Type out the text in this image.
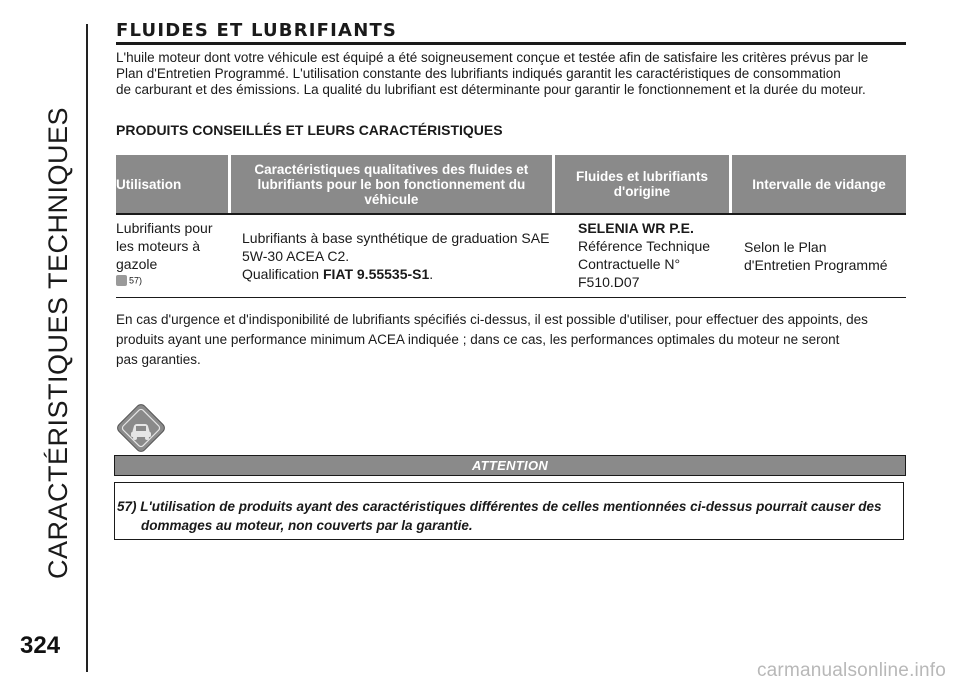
CARACTÉRISTIQUES TECHNIQUES
324
FLUIDES ET LUBRIFIANTS
L'huile moteur dont votre véhicule est équipé a été soigneusement conçue et testée afin de satisfaire les critères prévus par le
Plan d'Entretien Programmé. L'utilisation constante des lubrifiants indiqués garantit les caractéristiques de consommation
de carburant et des émissions. La qualité du lubrifiant est déterminante pour garantir le fonctionnement et la durée du moteur.
PRODUITS CONSEILLÉS ET LEURS CARACTÉRISTIQUES
Utilisation
Caractéristiques qualitatives des fluides et lubrifiants pour le bon fonctionnement du véhicule
Fluides et lubrifiants d'origine	Intervalle de vidange
Lubrifiants pour
les moteurs à
gazole
57)
Lubrifiants à base synthétique de graduation SAE
5W-30 ACEA C2.
Qualification FIAT 9.55535-S1.
SELENIA WR P.E.
Référence Technique
Contractuelle N°
F510.D07
Selon le Plan
d'Entretien Programmé
En cas d'urgence et d'indisponibilité de lubrifiants spécifiés ci-dessus, il est possible d'utiliser, pour effectuer des appoints, des
produits ayant une performance minimum ACEA indiquée ; dans ce cas, les performances optimales du moteur ne seront
pas garanties.
ATTENTION
57) L'utilisation de produits ayant des caractéristiques différentes de celles mentionnées ci-dessus pourrait causer des
dommages au moteur, non couverts par la garantie.
carmanualsonline.info
